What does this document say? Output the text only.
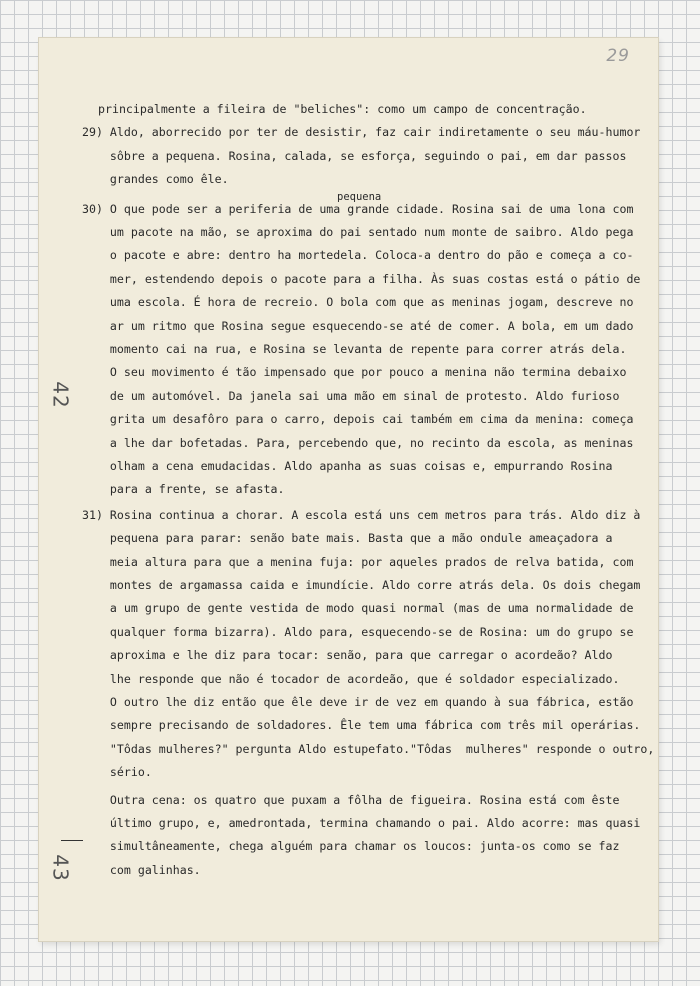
29
42
43
pequena
principalmente a fileira de "beliches": como um campo de concentração.
29) Aldo, aborrecido por ter de desistir, faz cair indiretamente o seu máu-humor
sôbre a pequena. Rosina, calada, se esforça, seguindo o pai, em dar passos
grandes como êle.
30) O que pode ser a periferia de uma grande cidade. Rosina sai de uma lona com
um pacote na mão, se aproxima do pai sentado num monte de saibro. Aldo pega
o pacote e abre: dentro ha mortedela. Coloca-a dentro do pão e começa a co-
mer, estendendo depois o pacote para a filha. Às suas costas está o pátio de
uma escola. É hora de recreio. O bola com que as meninas jogam, descreve no
ar um ritmo que Rosina segue esquecendo-se até de comer. A bola, em um dado
momento cai na rua, e Rosina se levanta de repente para correr atrás dela.
O seu movimento é tão impensado que por pouco a menina não termina debaixo
de um automóvel. Da janela sai uma mão em sinal de protesto. Aldo furioso
grita um desafôro para o carro, depois cai também em cima da menina: começa
a lhe dar bofetadas. Para, percebendo que, no recinto da escola, as meninas
olham a cena emudacidas. Aldo apanha as suas coisas e, empurrando Rosina
para a frente, se afasta.
31) Rosina continua a chorar. A escola está uns cem metros para trás. Aldo diz à
pequena para parar: senão bate mais. Basta que a mão ondule ameaçadora a
meia altura para que a menina fuja: por aqueles prados de relva batida, com
montes de argamassa caida e imundície. Aldo corre atrás dela. Os dois chegam
a um grupo de gente vestida de modo quasi normal (mas de uma normalidade de
qualquer forma bizarra). Aldo para, esquecendo-se de Rosina: um do grupo se
aproxima e lhe diz para tocar: senão, para que carregar o acordeão? Aldo
lhe responde que não é tocador de acordeão, que é soldador especializado.
O outro lhe diz então que êle deve ir de vez em quando à sua fábrica, estão
sempre precisando de soldadores. Êle tem uma fábrica com três mil operárias.
"Tôdas mulheres?" pergunta Aldo estupefato."Tôdas  mulheres" responde o outro,
sério.
Outra cena: os quatro que puxam a fôlha de figueira. Rosina está com êste
último grupo, e, amedrontada, termina chamando o pai. Aldo acorre: mas quasi
simultâneamente, chega alguém para chamar os loucos: junta-os como se faz
com galinhas.
